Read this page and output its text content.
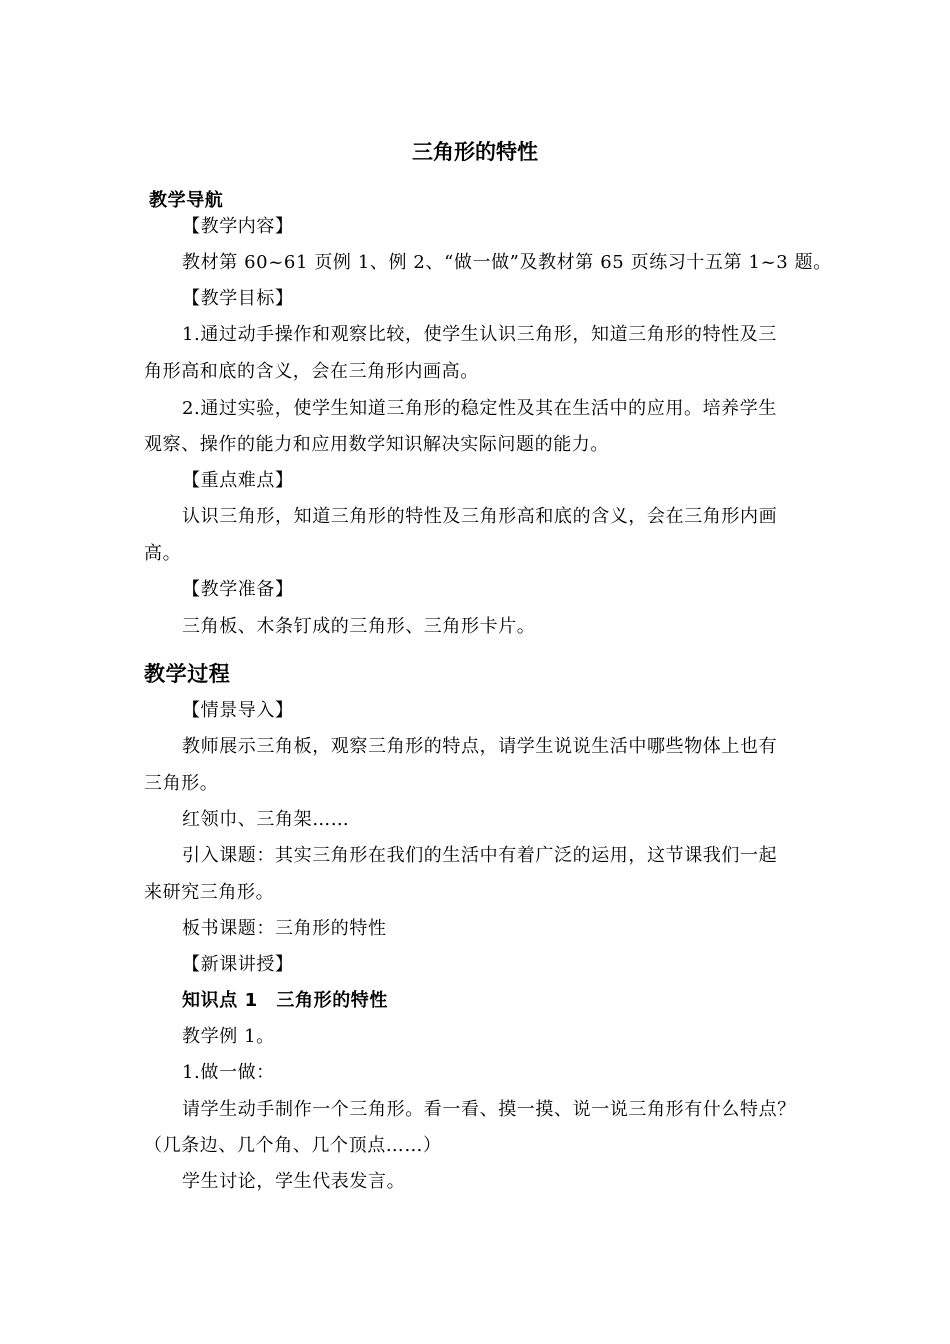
三角形的特性
教学导航
【教学内容】
教材第 60~61 页例 1、例 2、“做一做”及教材第 65 页练习十五第 1~3 题。
【教学目标】
1.通过动手操作和观察比较，使学生认识三角形，知道三角形的特性及三
角形高和底的含义，会在三角形内画高。
2.通过实验，使学生知道三角形的稳定性及其在生活中的应用。培养学生
观察、操作的能力和应用数学知识解决实际问题的能力。
【重点难点】
认识三角形，知道三角形的特性及三角形高和底的含义，会在三角形内画
高。
【教学准备】
三角板、木条钉成的三角形、三角形卡片。
教学过程
【情景导入】
教师展示三角板，观察三角形的特点，请学生说说生活中哪些物体上也有
三角形。
红领巾、三角架……
引入课题：其实三角形在我们的生活中有着广泛的运用，这节课我们一起
来研究三角形。
板书课题：三角形的特性
【新课讲授】
知识点 1　三角形的特性
教学例 1。
1.做一做：
请学生动手制作一个三角形。看一看、摸一摸、说一说三角形有什么特点？
（几条边、几个角、几个顶点……）
学生讨论，学生代表发言。
